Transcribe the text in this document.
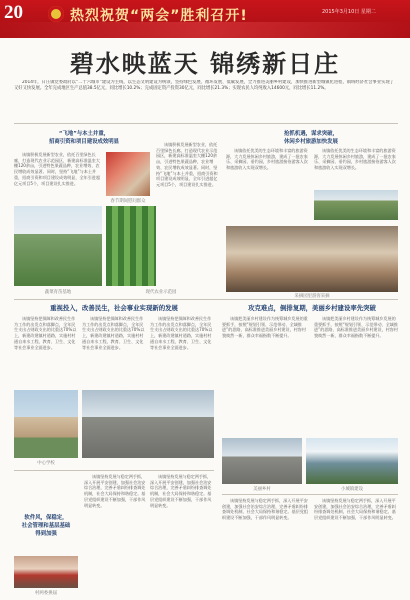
20	热烈祝贺“两会”胜利召开!	2015年3月10日 星期二
碧水映蓝天 锦绣新日庄
2014年，日庄镇党委政府以“二十六城市”建设为主线，以生态文明建设为统领，坚持绿色发展、循环发展、低碳发展，全力推进美丽乡村建设，加快推进新型城镇化进程，镇域经济社会事业实现了又好又快发展。全年完成地区生产总值38.5亿元，同比增长10.2%；完成固定资产投资30亿元，同比增长21.3%；实现农民人均纯收入14600元，同比增长11.2%。
“飞地”与本土并重，
招商引资和项目建设成效明显
该镇积极发展新型农业，依托百里绿色长廊，打造现代农业示范园区，新建高标准温室大棚120余亩，引进特色果蔬品种，农业增效、农民增收成效显著。同时，坚持“飞地”与本土并重，招商引资和项目建设成效明显，全年引进超亿元项目5个，项目建设扎实推进。
蔬菜育苗基地
春节期间慰问群众
该镇积极发展新型农业，依托百里绿色长廊，打造现代农业示范园区，新建高标准温室大棚120余亩，引进特色果蔬品种，农业增效、农民增收成效显著。同时，坚持“飞地”与本土并重，招商引资和项目建设成效明显，全年引进超亿元项目5个，项目建设扎实推进。
现代农业示范园
抢抓机遇，谋求突破，
休闲乡村旅游加快发展
该镇依托优美的生态环境和丰富的旅游资源，大力发展休闲乡村旅游，建成了一批农家乐、采摘园、垂钓园，乡村旅游接待游客人次和旅游收入实现双增长。
该镇依托优美的生态环境和丰富的旅游资源，大力发展休闲乡村旅游，建成了一批农家乐、采摘园、垂钓园，乡村旅游接待游客人次和旅游收入实现双增长。
采摘园里游客采摘
重视投入，改善民生，社会事业实现新的发展
该镇坚持把保障和改善民生作为工作的出发点和落脚点，全年民生支出占财政支出的比重达70%以上，新建改建镇村道路，实施村村通自来水工程，教育、卫生、文化等社会事业全面进步。
该镇坚持把保障和改善民生作为工作的出发点和落脚点，全年民生支出占财政支出的比重达70%以上，新建改建镇村道路，实施村村通自来水工程，教育、卫生、文化等社会事业全面进步。
该镇坚持把保障和改善民生作为工作的出发点和落脚点，全年民生支出占财政支出的比重达70%以上，新建改建镇村道路，实施村村通自来水工程，教育、卫生、文化等社会事业全面进步。
中心学校
攻克难点，倒排复期，美丽乡村建设率先突破
该镇把美丽乡村建设作为统筹城乡发展的重要抓手，按照“规划引领、示范带动、全域推进”的思路，高标准推进美丽乡村建设，村容村貌焕然一新，群众幸福指数不断提升。
该镇把美丽乡村建设作为统筹城乡发展的重要抓手，按照“规划引领、示范带动、全域推进”的思路，高标准推进美丽乡村建设，村容村貌焕然一新，群众幸福指数不断提升。
美丽乡村	小城镇建设
软件风，保稳定，
社会管理和基层基础
得到加强
村两委换届
该镇坚持发展与稳定两手抓，深入开展平安创建，加强社会治安综合治理，完善矛盾纠纷排查调处机制，社会大局保持和谐稳定。基层党组织建设不断加强，干部作风明显转变。
该镇坚持发展与稳定两手抓，深入开展平安创建，加强社会治安综合治理，完善矛盾纠纷排查调处机制，社会大局保持和谐稳定。基层党组织建设不断加强，干部作风明显转变。
该镇坚持发展与稳定两手抓，深入开展平安创建，加强社会治安综合治理，完善矛盾纠纷排查调处机制，社会大局保持和谐稳定。基层党组织建设不断加强，干部作风明显转变。
该镇坚持发展与稳定两手抓，深入开展平安创建，加强社会治安综合治理，完善矛盾纠纷排查调处机制，社会大局保持和谐稳定。基层党组织建设不断加强，干部作风明显转变。
